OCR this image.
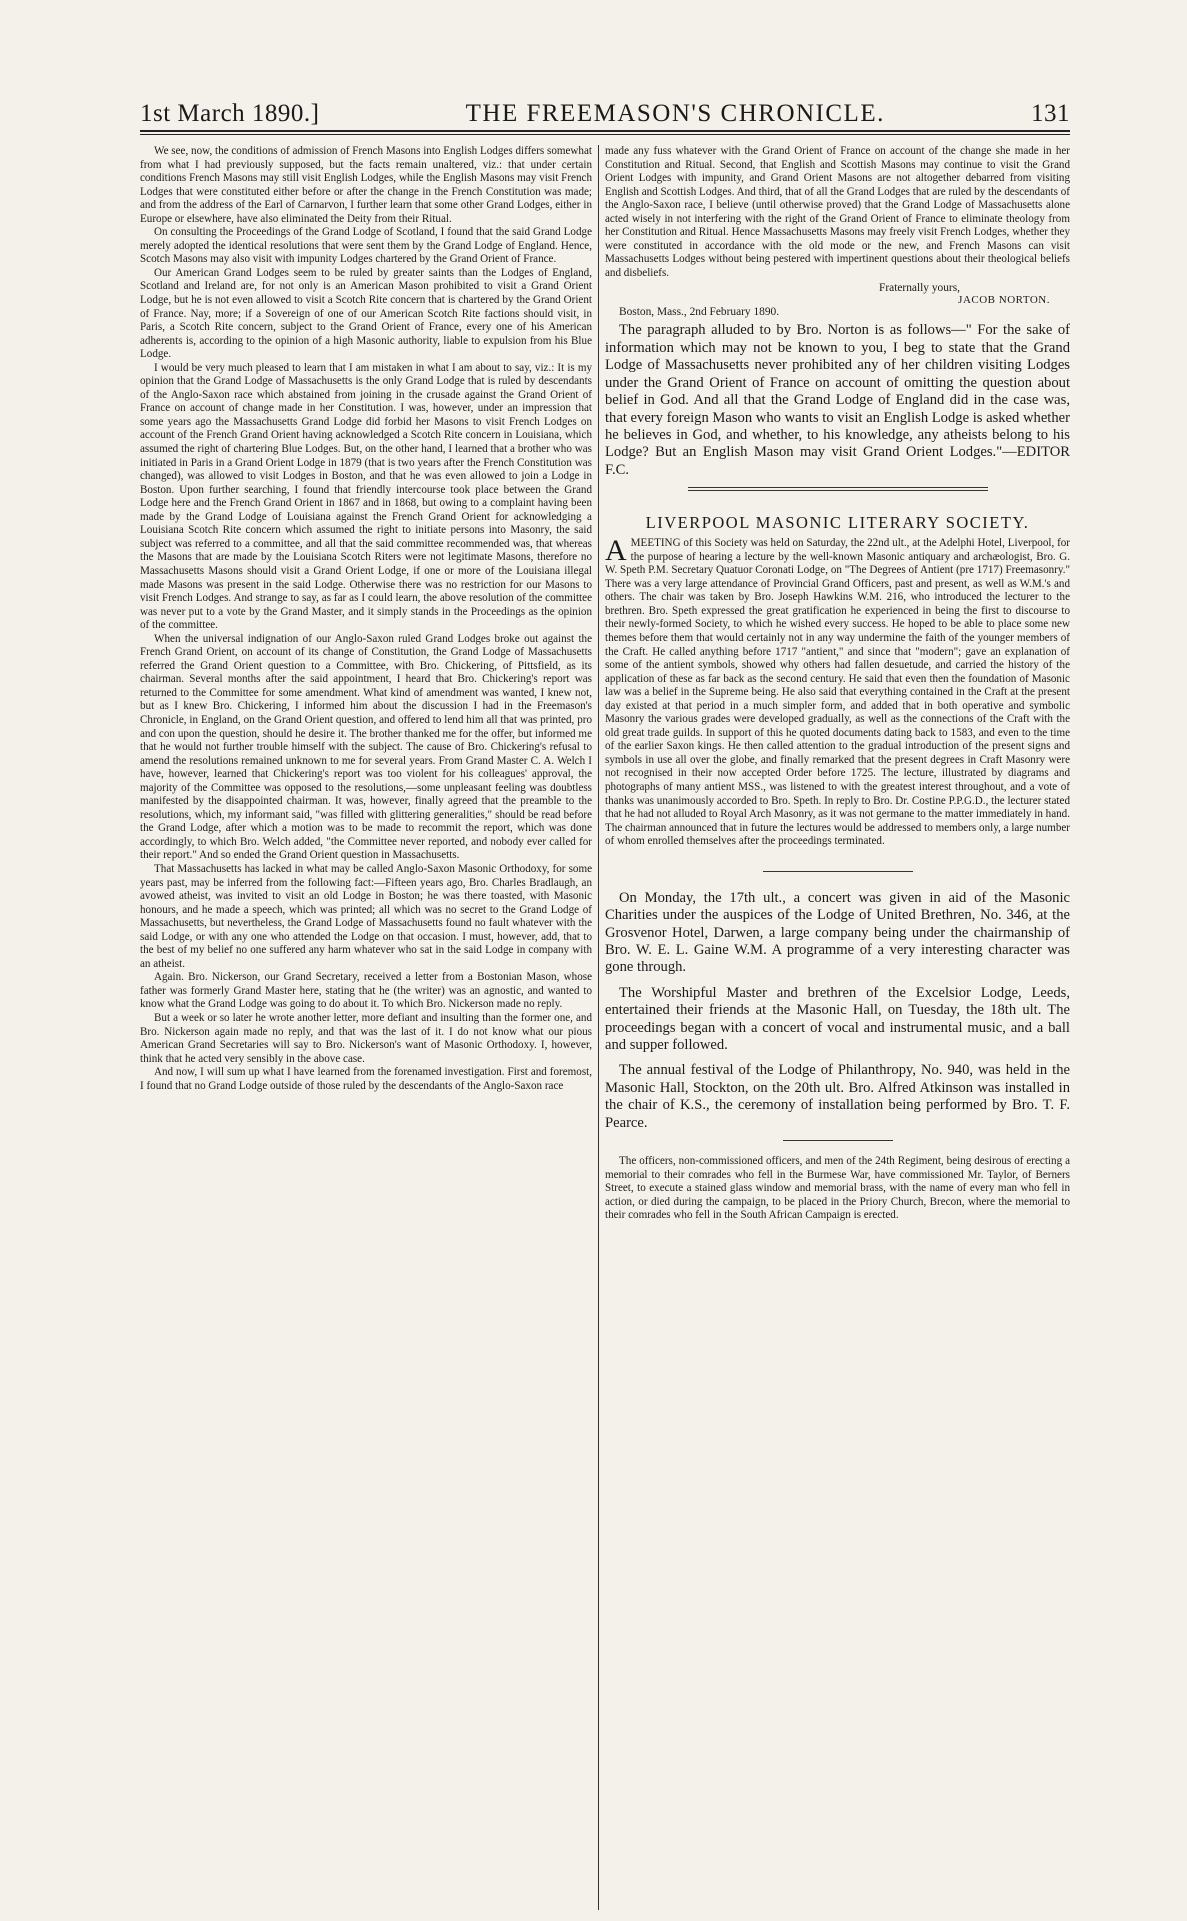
1st March 1890.]	THE FREEMASON'S CHRONICLE.	131

We see, now, the conditions of admission of French Masons into English Lodges differs somewhat from what I had previously supposed, but the facts remain unaltered, viz.: that under certain conditions French Masons may still visit English Lodges, while the English Masons may visit French Lodges that were constituted either before or after the change in the French Constitution was made; and from the address of the Earl of Carnarvon, I further learn that some other Grand Lodges, either in Europe or elsewhere, have also eliminated the Deity from their Ritual.

On consulting the Proceedings of the Grand Lodge of Scotland, I found that the said Grand Lodge merely adopted the identical resolutions that were sent them by the Grand Lodge of England. Hence, Scotch Masons may also visit with impunity Lodges chartered by the Grand Orient of France.

Our American Grand Lodges seem to be ruled by greater saints than the Lodges of England, Scotland and Ireland are, for not only is an American Mason prohibited to visit a Grand Orient Lodge, but he is not even allowed to visit a Scotch Rite concern that is chartered by the Grand Orient of France. Nay, more; if a Sovereign of one of our American Scotch Rite factions should visit, in Paris, a Scotch Rite concern, subject to the Grand Orient of France, every one of his American adherents is, according to the opinion of a high Masonic authority, liable to expulsion from his Blue Lodge.

I would be very much pleased to learn that I am mistaken in what I am about to say, viz.: It is my opinion that the Grand Lodge of Massachusetts is the only Grand Lodge that is ruled by descendants of the Anglo-Saxon race which abstained from joining in the crusade against the Grand Orient of France on account of change made in her Constitution. I was, however, under an impression that some years ago the Massachusetts Grand Lodge did forbid her Masons to visit French Lodges on account of the French Grand Orient having acknowledged a Scotch Rite concern in Louisiana, which assumed the right of chartering Blue Lodges. But, on the other hand, I learned that a brother who was initiated in Paris in a Grand Orient Lodge in 1879 (that is two years after the French Constitution was changed), was allowed to visit Lodges in Boston, and that he was even allowed to join a Lodge in Boston. Upon further searching, I found that friendly intercourse took place between the Grand Lodge here and the French Grand Orient in 1867 and in 1868, but owing to a complaint having been made by the Grand Lodge of Louisiana against the French Grand Orient for acknowledging a Louisiana Scotch Rite concern which assumed the right to initiate persons into Masonry, the said subject was referred to a committee, and all that the said committee recommended was, that whereas the Masons that are made by the Louisiana Scotch Riters were not legitimate Masons, therefore no Massachusetts Masons should visit a Grand Orient Lodge, if one or more of the Louisiana illegal made Masons was present in the said Lodge. Otherwise there was no restriction for our Masons to visit French Lodges. And strange to say, as far as I could learn, the above resolution of the committee was never put to a vote by the Grand Master, and it simply stands in the Proceedings as the opinion of the committee.

When the universal indignation of our Anglo-Saxon ruled Grand Lodges broke out against the French Grand Orient, on account of its change of Constitution, the Grand Lodge of Massachusetts referred the Grand Orient question to a Committee, with Bro. Chickering, of Pittsfield, as its chairman. Several months after the said appointment, I heard that Bro. Chickering's report was returned to the Committee for some amendment. What kind of amendment was wanted, I knew not, but as I knew Bro. Chickering, I informed him about the discussion I had in the Freemason's Chronicle, in England, on the Grand Orient question, and offered to lend him all that was printed, pro and con upon the question, should he desire it. The brother thanked me for the offer, but informed me that he would not further trouble himself with the subject. The cause of Bro. Chickering's refusal to amend the resolutions remained unknown to me for several years. From Grand Master C. A. Welch I have, however, learned that Chickering's report was too violent for his colleagues' approval, the majority of the Committee was opposed to the resolutions,—some unpleasant feeling was doubtless manifested by the disappointed chairman. It was, however, finally agreed that the preamble to the resolutions, which, my informant said, "was filled with glittering generalities," should be read before the Grand Lodge, after which a motion was to be made to recommit the report, which was done accordingly, to which Bro. Welch added, "the Committee never reported, and nobody ever called for their report." And so ended the Grand Orient question in Massachusetts.

That Massachusetts has lacked in what may be called Anglo-Saxon Masonic Orthodoxy, for some years past, may be inferred from the following fact:—Fifteen years ago, Bro. Charles Bradlaugh, an avowed atheist, was invited to visit an old Lodge in Boston; he was there toasted, with Masonic honours, and he made a speech, which was printed; all which was no secret to the Grand Lodge of Massachusetts, but nevertheless, the Grand Lodge of Massachusetts found no fault whatever with the said Lodge, or with any one who attended the Lodge on that occasion. I must, however, add, that to the best of my belief no one suffered any harm whatever who sat in the said Lodge in company with an atheist.

Again. Bro. Nickerson, our Grand Secretary, received a letter from a Bostonian Mason, whose father was formerly Grand Master here, stating that he (the writer) was an agnostic, and wanted to know what the Grand Lodge was going to do about it. To which Bro. Nickerson made no reply.

But a week or so later he wrote another letter, more defiant and insulting than the former one, and Bro. Nickerson again made no reply, and that was the last of it. I do not know what our pious American Grand Secretaries will say to Bro. Nickerson's want of Masonic Orthodoxy. I, however, think that he acted very sensibly in the above case.

And now, I will sum up what I have learned from the forenamed investigation. First and foremost, I found that no Grand Lodge outside of those ruled by the descendants of the Anglo-Saxon race

made any fuss whatever with the Grand Orient of France on account of the change she made in her Constitution and Ritual. Second, that English and Scottish Masons may continue to visit the Grand Orient Lodges with impunity, and Grand Orient Masons are not altogether debarred from visiting English and Scottish Lodges. And third, that of all the Grand Lodges that are ruled by the descendants of the Anglo-Saxon race, I believe (until otherwise proved) that the Grand Lodge of Massachusetts alone acted wisely in not interfering with the right of the Grand Orient of France to eliminate theology from her Constitution and Ritual. Hence Massachusetts Masons may freely visit French Lodges, whether they were constituted in accordance with the old mode or the new, and French Masons can visit Massachusetts Lodges without being pestered with impertinent questions about their theological beliefs and disbeliefs.

Fraternally yours,
JACOB NORTON.

Boston, Mass., 2nd February 1890.

The paragraph alluded to by Bro. Norton is as follows—" For the sake of information which may not be known to you, I beg to state that the Grand Lodge of Massachusetts never prohibited any of her children visiting Lodges under the Grand Orient of France on account of omitting the question about belief in God. And all that the Grand Lodge of England did in the case was, that every foreign Mason who wants to visit an English Lodge is asked whether he believes in God, and whether, to his knowledge, any atheists belong to his Lodge? But an English Mason may visit Grand Orient Lodges."—EDITOR F.C.

LIVERPOOL MASONIC LITERARY SOCIETY.

AMEETING of this Society was held on Saturday, the 22nd ult., at the Adelphi Hotel, Liverpool, for the purpose of hearing a lecture by the well-known Masonic antiquary and archæologist, Bro. G. W. Speth P.M. Secretary Quatuor Coronati Lodge, on "The Degrees of Antient (pre 1717) Freemasonry." There was a very large attendance of Provincial Grand Officers, past and present, as well as W.M.'s and others. The chair was taken by Bro. Joseph Hawkins W.M. 216, who introduced the lecturer to the brethren. Bro. Speth expressed the great gratification he experienced in being the first to discourse to their newly-formed Society, to which he wished every success. He hoped to be able to place some new themes before them that would certainly not in any way undermine the faith of the younger members of the Craft. He called anything before 1717 "antient," and since that "modern"; gave an explanation of some of the antient symbols, showed why others had fallen desuetude, and carried the history of the application of these as far back as the second century. He said that even then the foundation of Masonic law was a belief in the Supreme being. He also said that everything contained in the Craft at the present day existed at that period in a much simpler form, and added that in both operative and symbolic Masonry the various grades were developed gradually, as well as the connections of the Craft with the old great trade guilds. In support of this he quoted documents dating back to 1583, and even to the time of the earlier Saxon kings. He then called attention to the gradual introduction of the present signs and symbols in use all over the globe, and finally remarked that the present degrees in Craft Masonry were not recognised in their now accepted Order before 1725. The lecture, illustrated by diagrams and photographs of many antient MSS., was listened to with the greatest interest throughout, and a vote of thanks was unanimously accorded to Bro. Speth. In reply to Bro. Dr. Costine P.P.G.D., the lecturer stated that he had not alluded to Royal Arch Masonry, as it was not germane to the matter immediately in hand. The chairman announced that in future the lectures would be addressed to members only, a large number of whom enrolled themselves after the proceedings terminated.

On Monday, the 17th ult., a concert was given in aid of the Masonic Charities under the auspices of the Lodge of United Brethren, No. 346, at the Grosvenor Hotel, Darwen, a large company being under the chairmanship of Bro. W. E. L. Gaine W.M. A programme of a very interesting character was gone through.

The Worshipful Master and brethren of the Excelsior Lodge, Leeds, entertained their friends at the Masonic Hall, on Tuesday, the 18th ult. The proceedings began with a concert of vocal and instrumental music, and a ball and supper followed.

The annual festival of the Lodge of Philanthropy, No. 940, was held in the Masonic Hall, Stockton, on the 20th ult. Bro. Alfred Atkinson was installed in the chair of K.S., the ceremony of installation being performed by Bro. T. F. Pearce.

The officers, non-commissioned officers, and men of the 24th Regiment, being desirous of erecting a memorial to their comrades who fell in the Burmese War, have commissioned Mr. Taylor, of Berners Street, to execute a stained glass window and memorial brass, with the name of every man who fell in action, or died during the campaign, to be placed in the Priory Church, Brecon, where the memorial to their comrades who fell in the South African Campaign is erected.
